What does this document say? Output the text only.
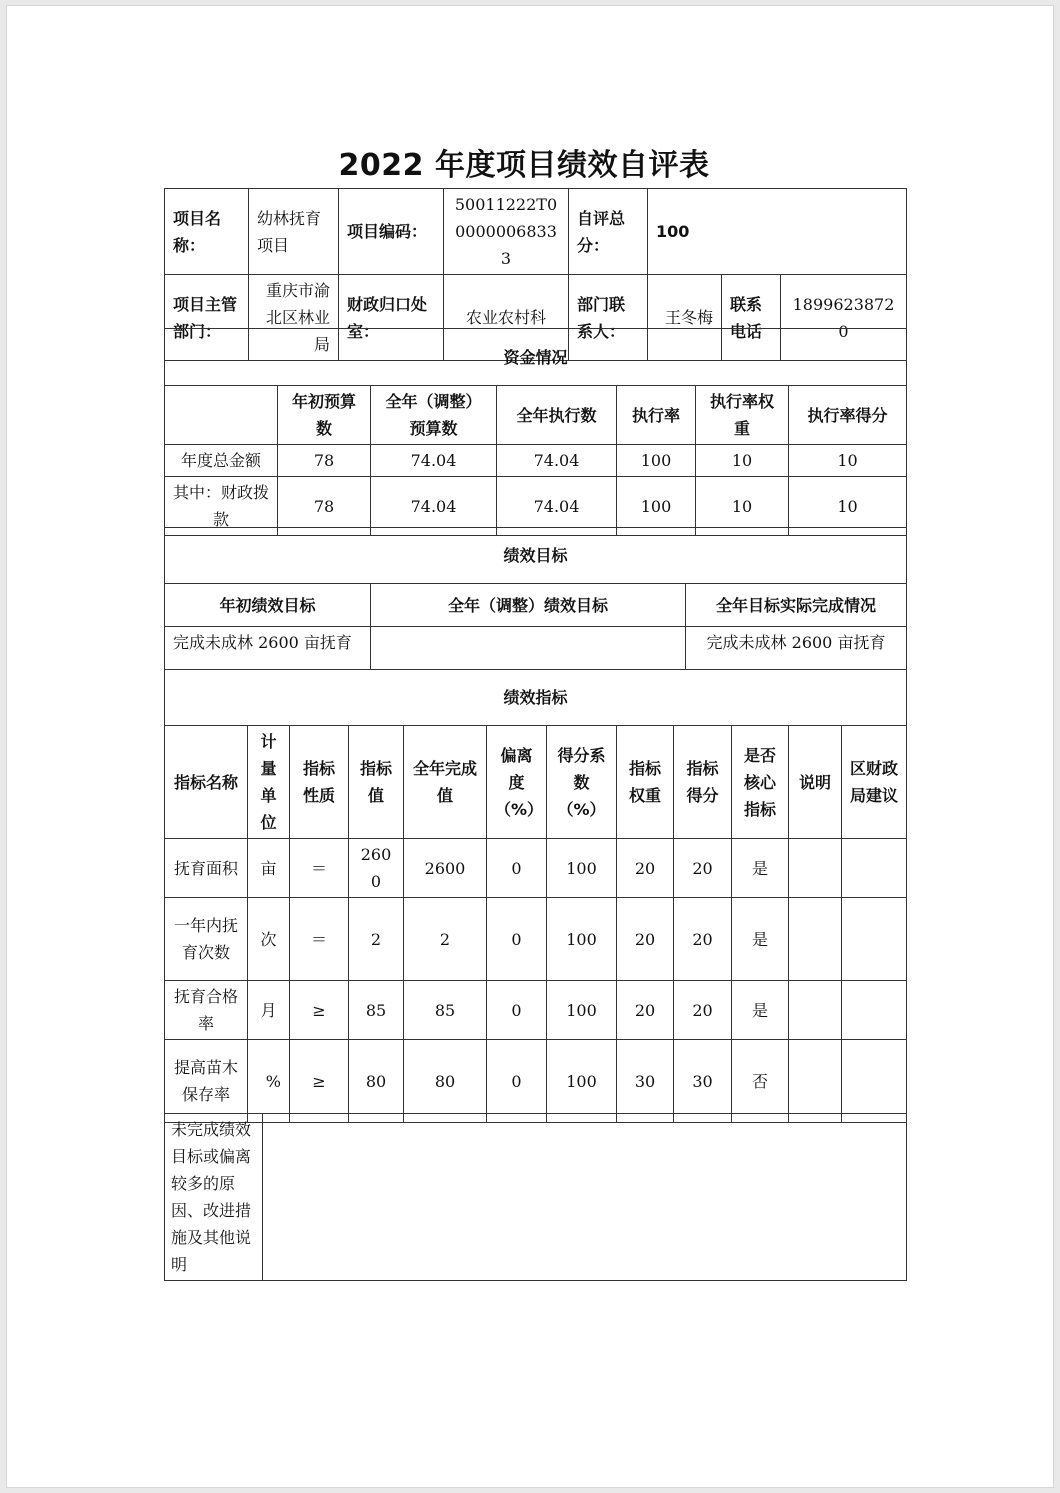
2022 年度项目绩效自评表
项目名称：	幼林抚育项目	项目编码：	50011222T000000068333	自评总分：	100		
项目主管部门：	重庆市渝北区林业局	财政归口处室：	农业农村科	部门联系人：	王冬梅	联系电话	18996238720
资金情况						
	年初预算数	全年（调整）预算数	全年执行数	执行率	执行率权重	执行率得分
年度总金额	78	74.04	74.04	100	10	10
其中：财政拨款	78	74.04	74.04	100	10	10
绩效目标		
年初绩效目标	全年（调整）绩效目标	全年目标实际完成情况
完成未成林 2600 亩抚育		完成未成林 2600 亩抚育
绩效指标											
指标名称	计量单位	指标性质	指标值	全年完成值	偏离度（%）	得分系数（%）	指标权重	指标得分	是否核心指标	说明	区财政局建议
抚育面积	亩	＝	2600	2600	0	100	20	20	是		
一年内抚育次数	次	＝	2	2	0	100	20	20	是		
抚育合格率	月	≥	85	85	0	100	20	20	是		
提高苗木保存率	%	≥	80	80	0	100	30	30	否		
未完成绩效目标或偏离较多的原因、改进措施及其他说明	
